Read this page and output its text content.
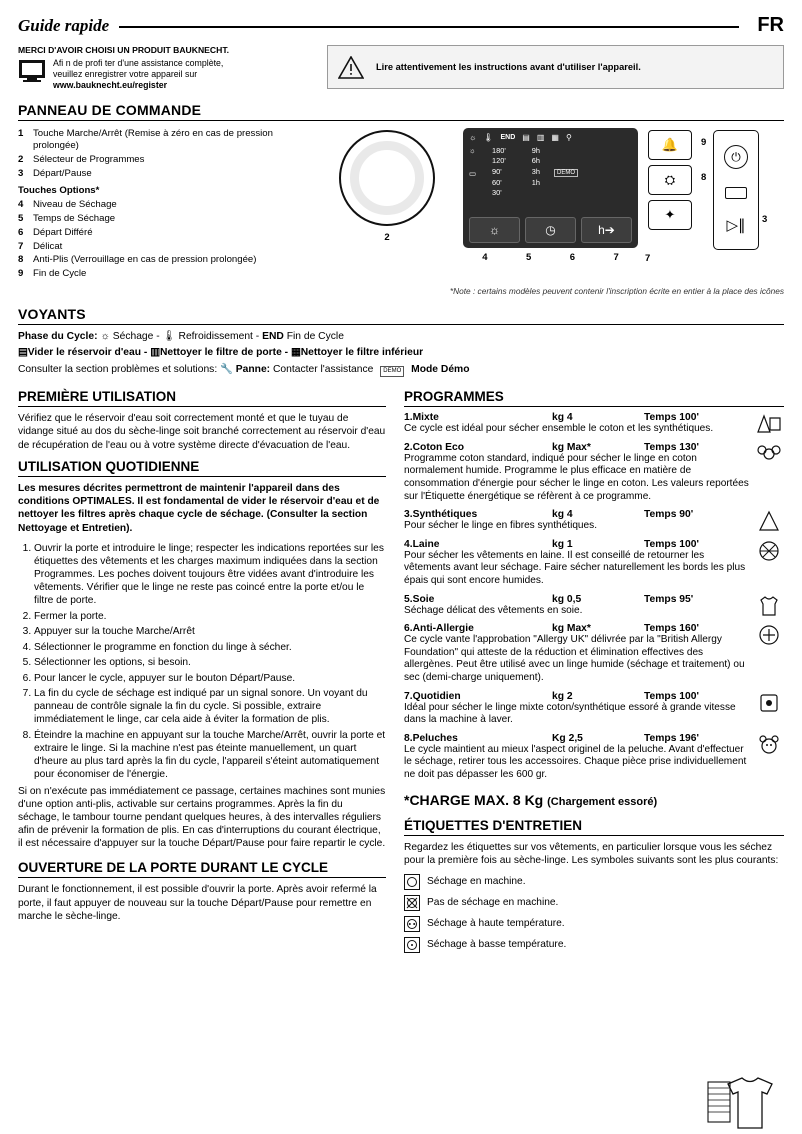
Guide rapide	FR
MERCI D'AVOIR CHOISI UN PRODUIT BAUKNECHT.
Afi n de profi ter d'une assistance complète,
veuillez enregistrer votre appareil sur
www.bauknecht.eu/register
Lire attentivement les instructions avant d'utiliser l'appareil.
PANNEAU DE COMMANDE
1	Touche Marche/Arrêt (Remise à zéro en cas de pression prolongée)
2	Sélecteur de Programmes
3	Départ/Pause
Touches Options*
4	Niveau de Séchage
5	Temps de Séchage
6	Départ Différé
7	Délicat
8	Anti-Plis (Verrouillage en cas de pression prolongée)
9	Fin de Cycle
2
☼ 🌡 END ▤ ▥ ▦ ⚲
☼
▭
180'
120'
90'
60'
30'
9h
6h
3h
1h
DEMO
☼	◷	h➔
4	5	6	7
🔔
⛭
✦
9
8
7
⏻
▷∥ 3
*Note : certains modèles peuvent contenir l'inscription écrite en entier à la place des icônes
VOYANTS
Phase du Cycle: ☼ Séchage - 🌡 Refroidissement - END Fin de Cycle
▤Vider le réservoir d'eau - ▥Nettoyer le filtre de porte - ▦Nettoyer le filtre inférieur
Consulter la section problèmes et solutions: 🔧 Panne: Contacter l'assistance DEMO Mode Démo
PREMIÈRE UTILISATION

Vérifiez que le réservoir d'eau soit correctement monté et que le tuyau de vidange situé au dos du sèche-linge soit branché correctement au réservoir d'eau de récupération de l'eau ou à votre système directe d'évacuation de l'eau.

UTILISATION QUOTIDIENNE

Les mesures décrites permettront de maintenir l'appareil dans des conditions OPTIMALES. Il est fondamental de vider le réservoir d'eau et de nettoyer les filtres après chaque cycle de séchage. (Consulter la section Nettoyage et Entretien).

1. Ouvrir la porte et introduire le linge; respecter les indications reportées sur les étiquettes des vêtements et les charges maximum indiquées dans la section Programmes. Les poches doivent toujours être vidées avant d'introduire les vêtements. Vérifier que le linge ne reste pas coincé entre la porte et/ou le filtre de porte.
2. Fermer la porte.
3. Appuyer sur la touche Marche/Arrêt
4. Sélectionner le programme en fonction du linge à sécher.
5. Sélectionner les options, si besoin.
6. Pour lancer le cycle, appuyer sur le bouton Départ/Pause.
7. La fin du cycle de séchage est indiqué par un signal sonore. Un voyant du panneau de contrôle signale la fin du cycle. Si possible, extraire immédiatement le linge, car cela aide à éviter la formation de plis.
8. Éteindre la machine en appuyant sur la touche Marche/Arrêt, ouvrir la porte et extraire le linge. Si la machine n'est pas éteinte manuellement, un quart d'heure au plus tard après la fin du cycle, l'appareil s'éteint automatiquement pour économiser de l'énergie.
Si on n'exécute pas immédiatement ce passage, certaines machines sont munies d'une option anti-plis, activable sur certains programmes. Après la fin du séchage, le tambour tourne pendant quelques heures, à des intervalles réguliers afin de prévenir la formation de plis. En cas d'interruptions du courant électrique, il est nécessaire d'appuyer sur la touche Départ/Pause pour faire repartir le cycle.
OUVERTURE DE LA PORTE DURANT LE CYCLE

Durant le fonctionnement, il est possible d'ouvrir la porte. Après avoir refermé la porte, il faut appuyer de nouveau sur la touche Départ/Pause pour remettre en marche le sèche-linge.

PROGRAMMES
1.Mixte	kg 4	Temps 100'
Ce cycle est idéal pour sécher ensemble le coton et les synthétiques.
2.Coton Eco	kg Max*	Temps 130'
Programme coton standard, indiqué pour sécher le linge en coton normalement humide. Programme le plus efficace en matière de consommation d'énergie pour sécher le linge en coton. Les valeurs reportées sur l'Étiquette énergétique se réfèrent à ce programme.
3.Synthétiques	kg 4	Temps 90'
Pour sécher le linge en fibres synthétiques.
4.Laine	kg 1	Temps 100'
Pour sécher les vêtements en laine. Il est conseillé de retourner les vêtements avant leur séchage. Faire sécher naturellement les bords les plus épais qui sont encore humides.
5.Soie	kg 0,5	Temps 95'
Séchage délicat des vêtements en soie.
6.Anti-Allergie	kg Max*	Temps 160'
Ce cycle vante l'approbation "Allergy UK" délivrée par la "British Allergy Foundation" qui atteste de la réduction et élimination effectives des allergènes. Peut être utilisé avec un linge humide (séchage et traitement) ou sec (demi-charge uniquement).
7.Quotidien	kg 2	Temps 100'
Idéal pour sécher le linge mixte coton/synthétique essoré à grande vitesse dans la machine à laver.
8.Peluches	Kg 2,5	Temps 196'
Le cycle maintient au mieux l'aspect originel de la peluche. Avant d'effectuer le séchage, retirer tous les accessoires. Chaque pièce prise individuellement ne doit pas dépasser les 600 gr.
*CHARGE MAX. 8 Kg (Chargement essoré)
ÉTIQUETTES D'ENTRETIEN

Regardez les étiquettes sur vos vêtements, en particulier lorsque vous les séchez pour la première fois au sèche-linge. Les symboles suivants sont les plus courants:

Séchage en machine.
Pas de séchage en machine.
Séchage à haute température.
Séchage à basse température.
